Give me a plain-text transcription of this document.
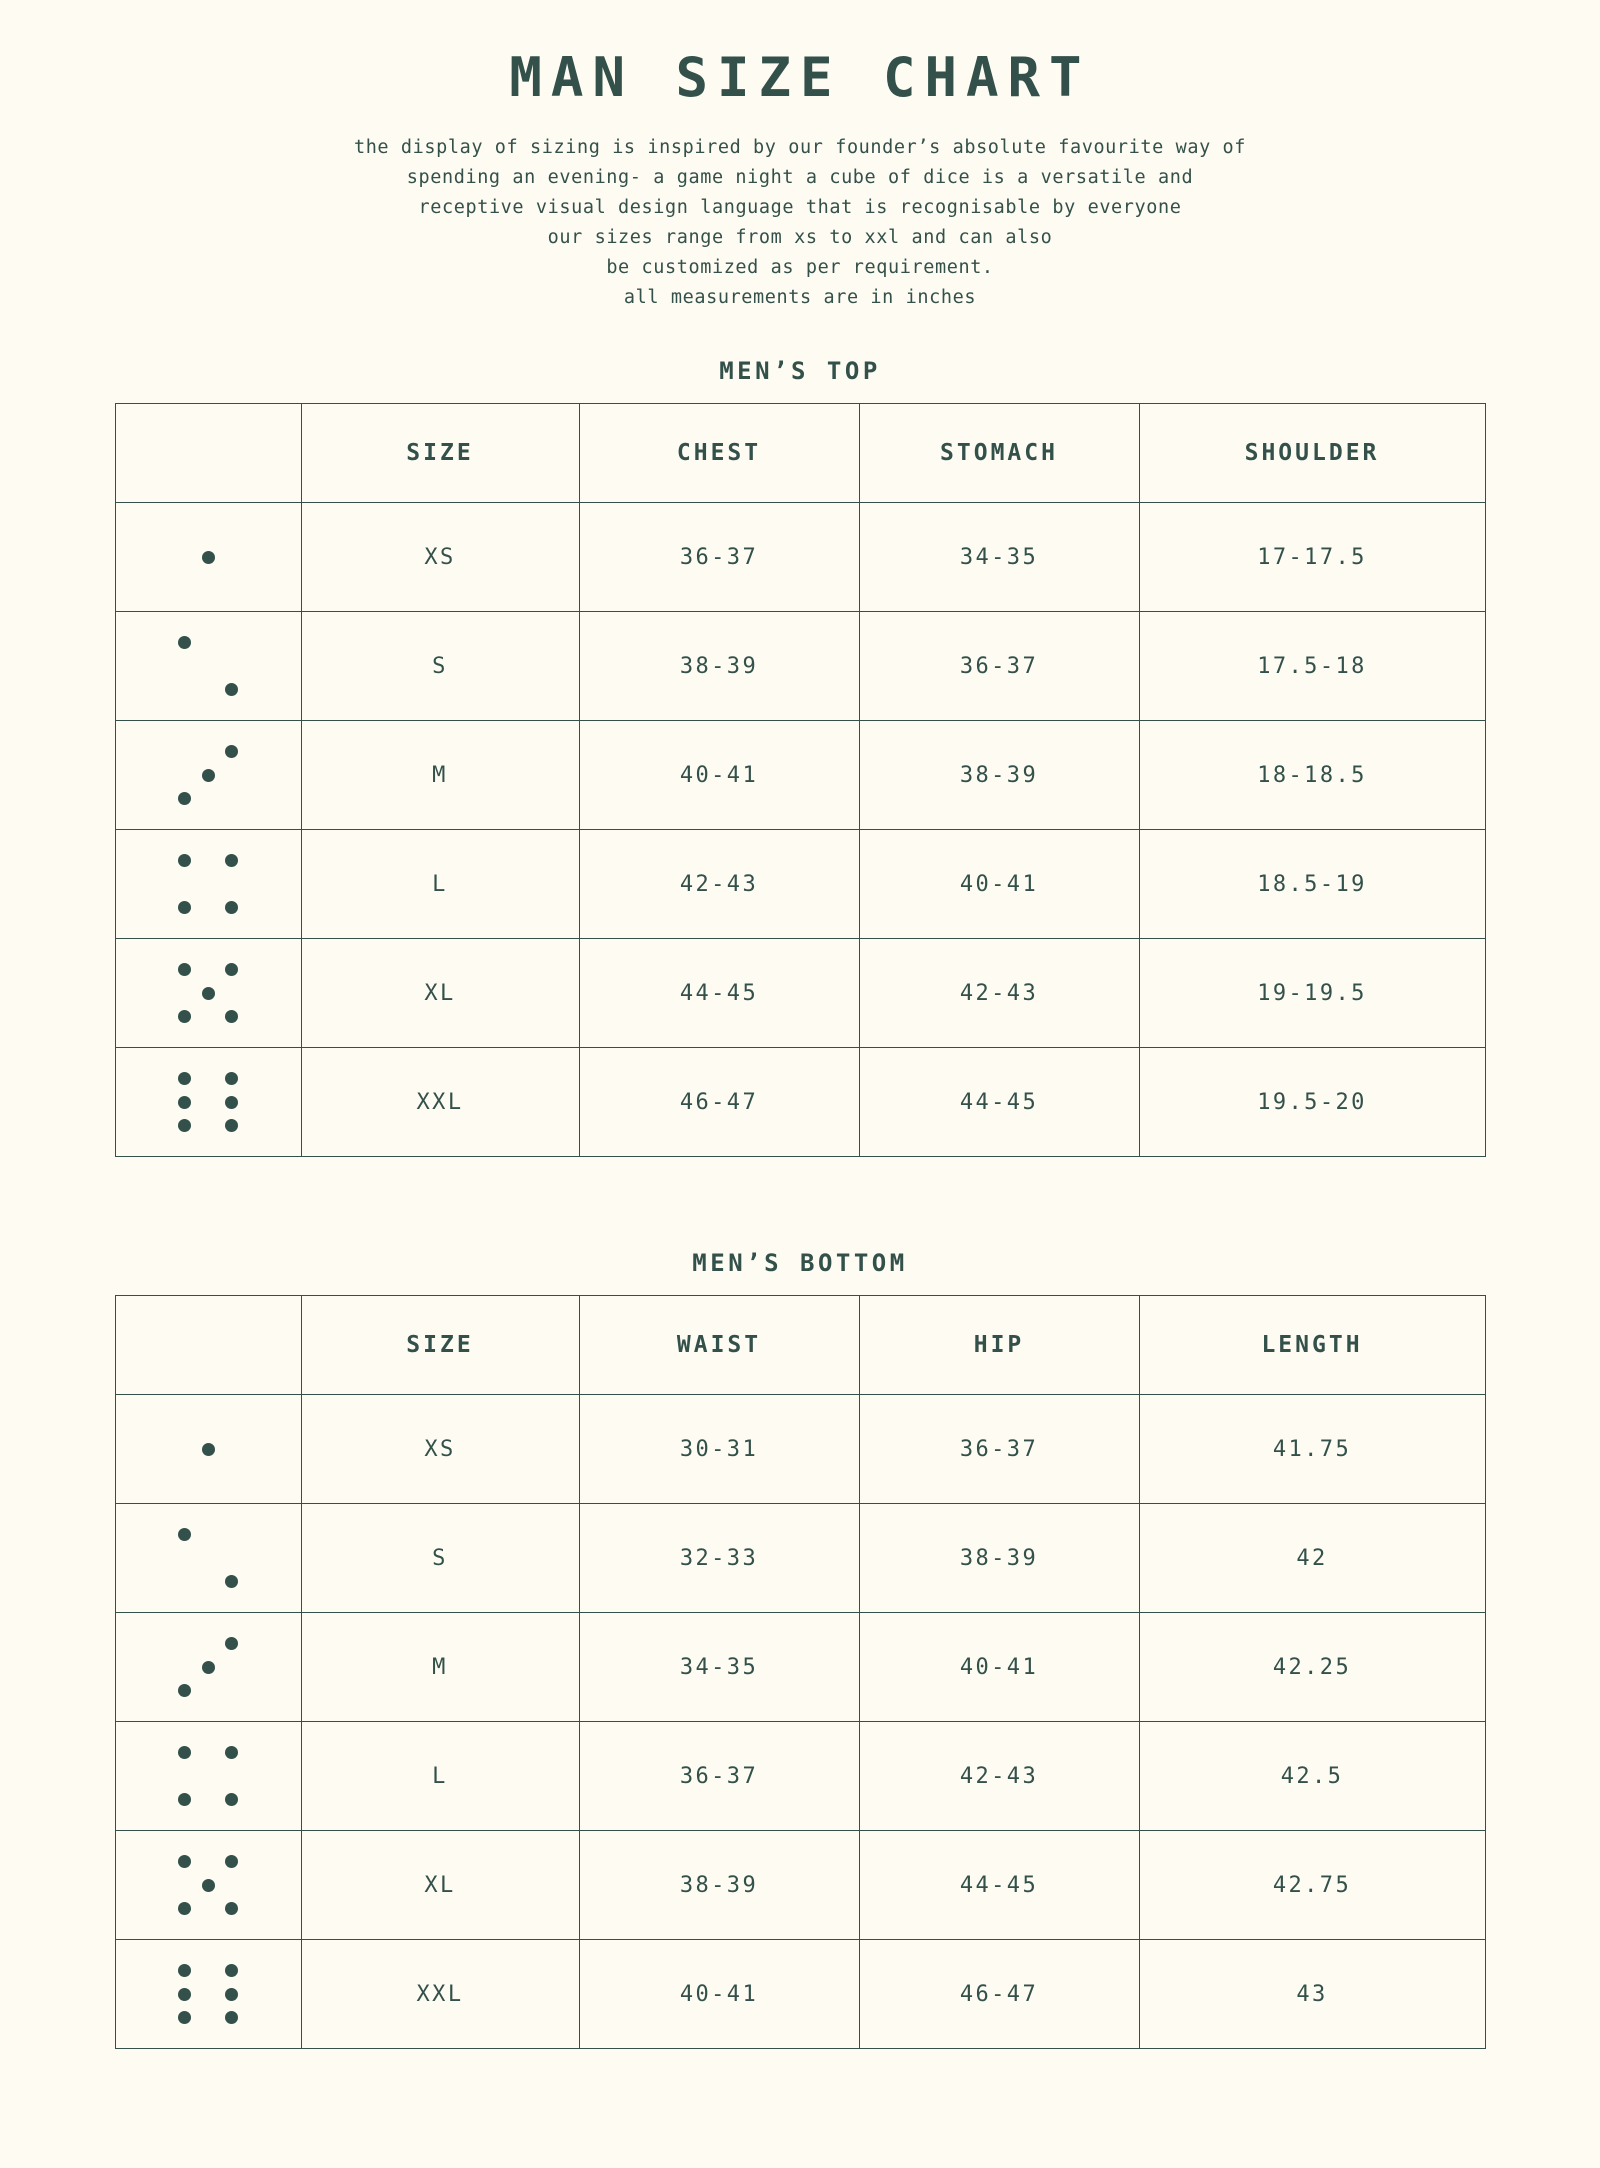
MAN SIZE CHART

the display of sizing is inspired by our founder’s absolute favourite way of
spending an evening- a game night a cube of dice is a versatile and
receptive visual design language that is recognisable by everyone
our sizes range from xs to xxl and can also
be customized as per requirement.
all measurements are in inches

MEN’S TOP
	SIZE	CHEST	STOMACH	SHOULDER

	XS	36-37	34-35	17-17.5

	S	38-39	36-37	17.5-18

	M	40-41	38-39	18-18.5

	L	42-43	40-41	18.5-19

	XL	44-45	42-43	19-19.5

	XXL	46-47	44-45	19.5-20
MEN’S BOTTOM
	SIZE	WAIST	HIP	LENGTH

	XS	30-31	36-37	41.75

	S	32-33	38-39	42

	M	34-35	40-41	42.25

	L	36-37	42-43	42.5

	XL	38-39	44-45	42.75

	XXL	40-41	46-47	43
